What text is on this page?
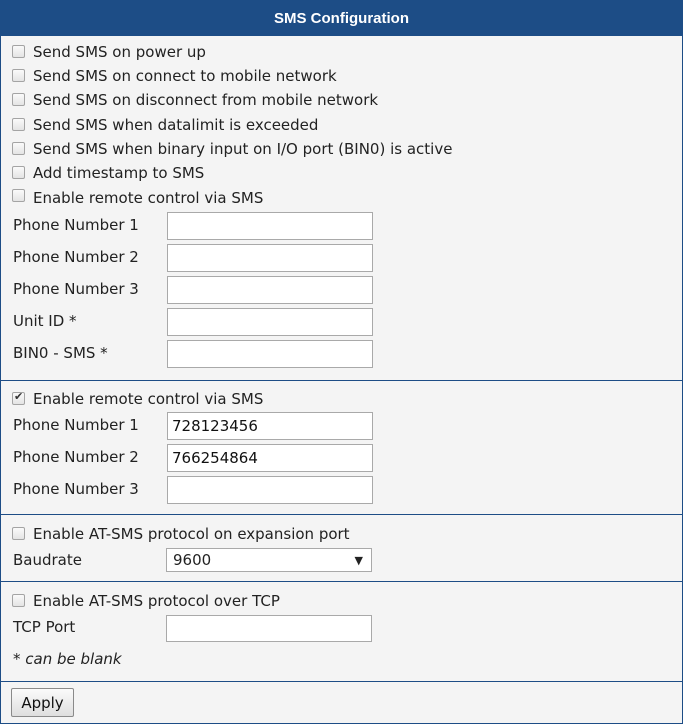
SMS Configuration
Send SMS on power up
Send SMS on connect to mobile network
Send SMS on disconnect from mobile network
Send SMS when datalimit is exceeded
Send SMS when binary input on I/O port (BIN0) is active
Add timestamp to SMS
Enable remote control via SMS
Phone Number 1
Phone Number 2
Phone Number 3
Unit ID *
BIN0 - SMS *
✔
Enable remote control via SMS
Phone Number 1
728123456
Phone Number 2
766254864
Phone Number 3
Enable AT-SMS protocol on expansion port
Baudrate	9600	▼
Enable AT-SMS protocol over TCP
TCP Port
* can be blank
Apply
